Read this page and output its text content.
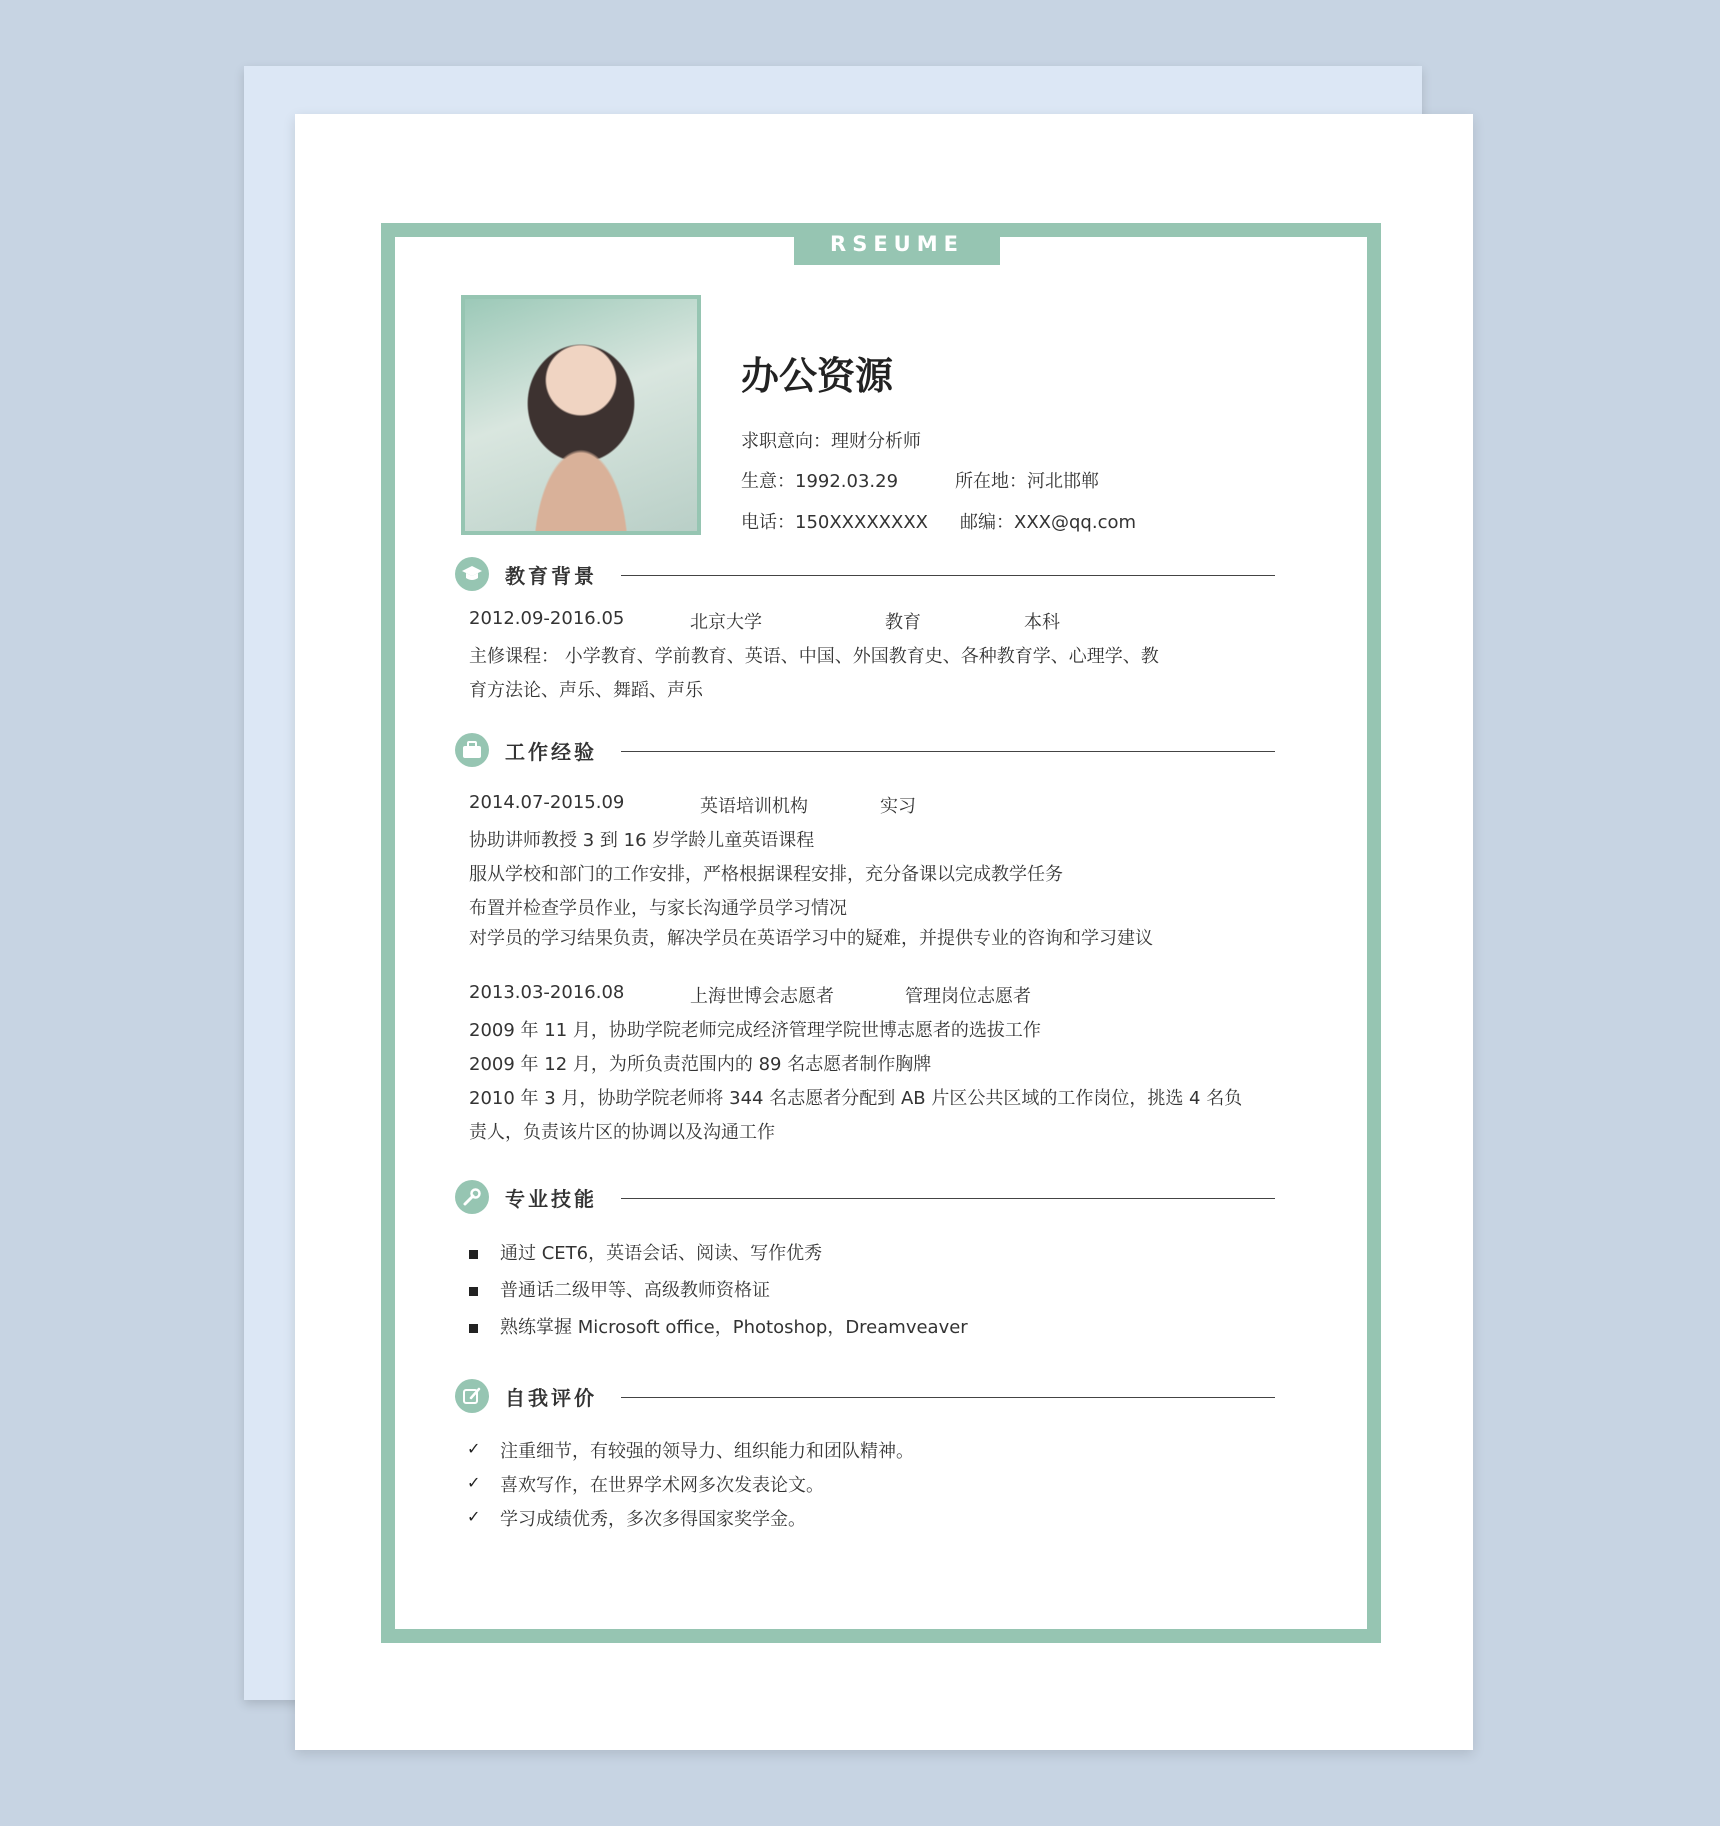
RSEUME
办公资源
求职意向：理财分析师
生意：1992.03.29	所在地：河北邯郸
电话：150XXXXXXXX 邮编：XXX@qq.com
教育背景
2012.09-2016.05	北京大学	教育	本科
主修课程： 小学教育、学前教育、英语、中国、外国教育史、各种教育学、心理学、教
育方法论、声乐、舞蹈、声乐
工作经验
2014.07-2015.09	英语培训机构	实习
协助讲师教授 3 到 16 岁学龄儿童英语课程
服从学校和部门的工作安排，严格根据课程安排，充分备课以完成教学任务
布置并检查学员作业，与家长沟通学员学习情况
对学员的学习结果负责，解决学员在英语学习中的疑难，并提供专业的咨询和学习建议
2013.03-2016.08	上海世博会志愿者	管理岗位志愿者
2009 年 11 月，协助学院老师完成经济管理学院世博志愿者的选拔工作
2009 年 12 月，为所负责范围内的 89 名志愿者制作胸牌
2010 年 3 月，协助学院老师将 344 名志愿者分配到 AB 片区公共区域的工作岗位，挑选 4 名负
责人，负责该片区的协调以及沟通工作
专业技能
通过 CET6，英语会话、阅读、写作优秀
普通话二级甲等、高级教师资格证
熟练掌握 Microsoft office，Photoshop，Dreamveaver
自我评价
✓ 注重细节，有较强的领导力、组织能力和团队精神。
✓ 喜欢写作，在世界学术网多次发表论文。
✓ 学习成绩优秀，多次多得国家奖学金。
